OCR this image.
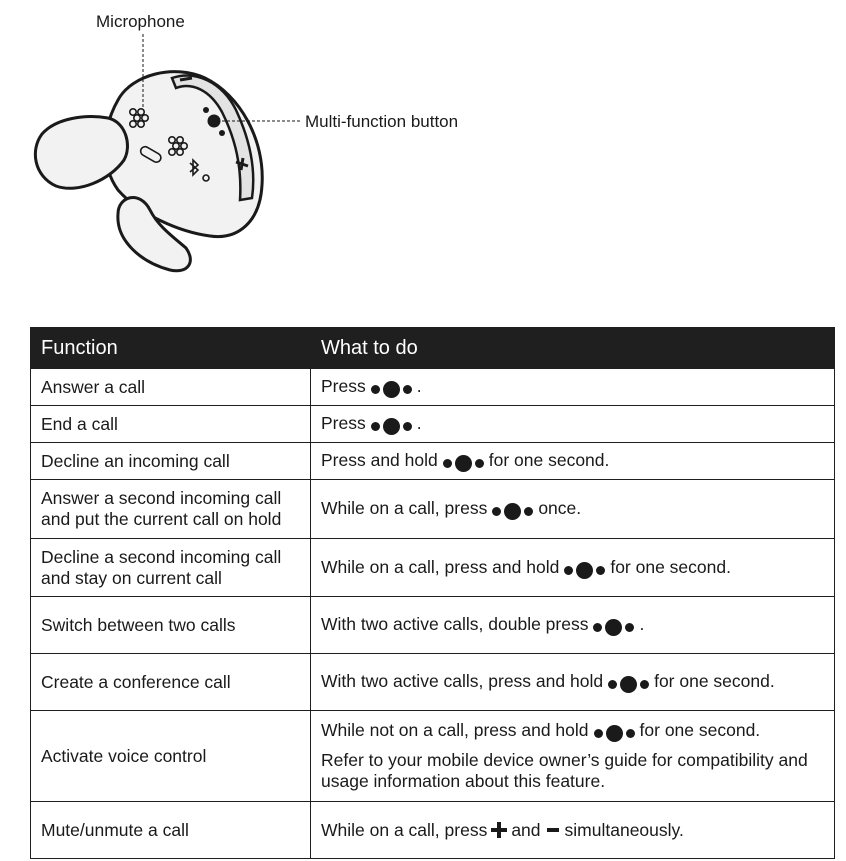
Microphone
Multi-function button
Function	What to do
Answer a call	Press .
End a call	Press .
Decline an incoming call	Press and hold for one second.
Answer a second incoming call and put the current call on hold	While on a call, press once.
Decline a second incoming call and stay on current call	While on a call, press and hold for one second.
Switch between two calls	With two active calls, double press .
Create a conference call	With two active calls, press and hold for one second.
Activate voice control	While not on a call, press and hold for one second.

Refer to your mobile device owner’s guide for compatibility and usage information about this feature.

Mute/unmute a call	While on a call, press and simultaneously.
